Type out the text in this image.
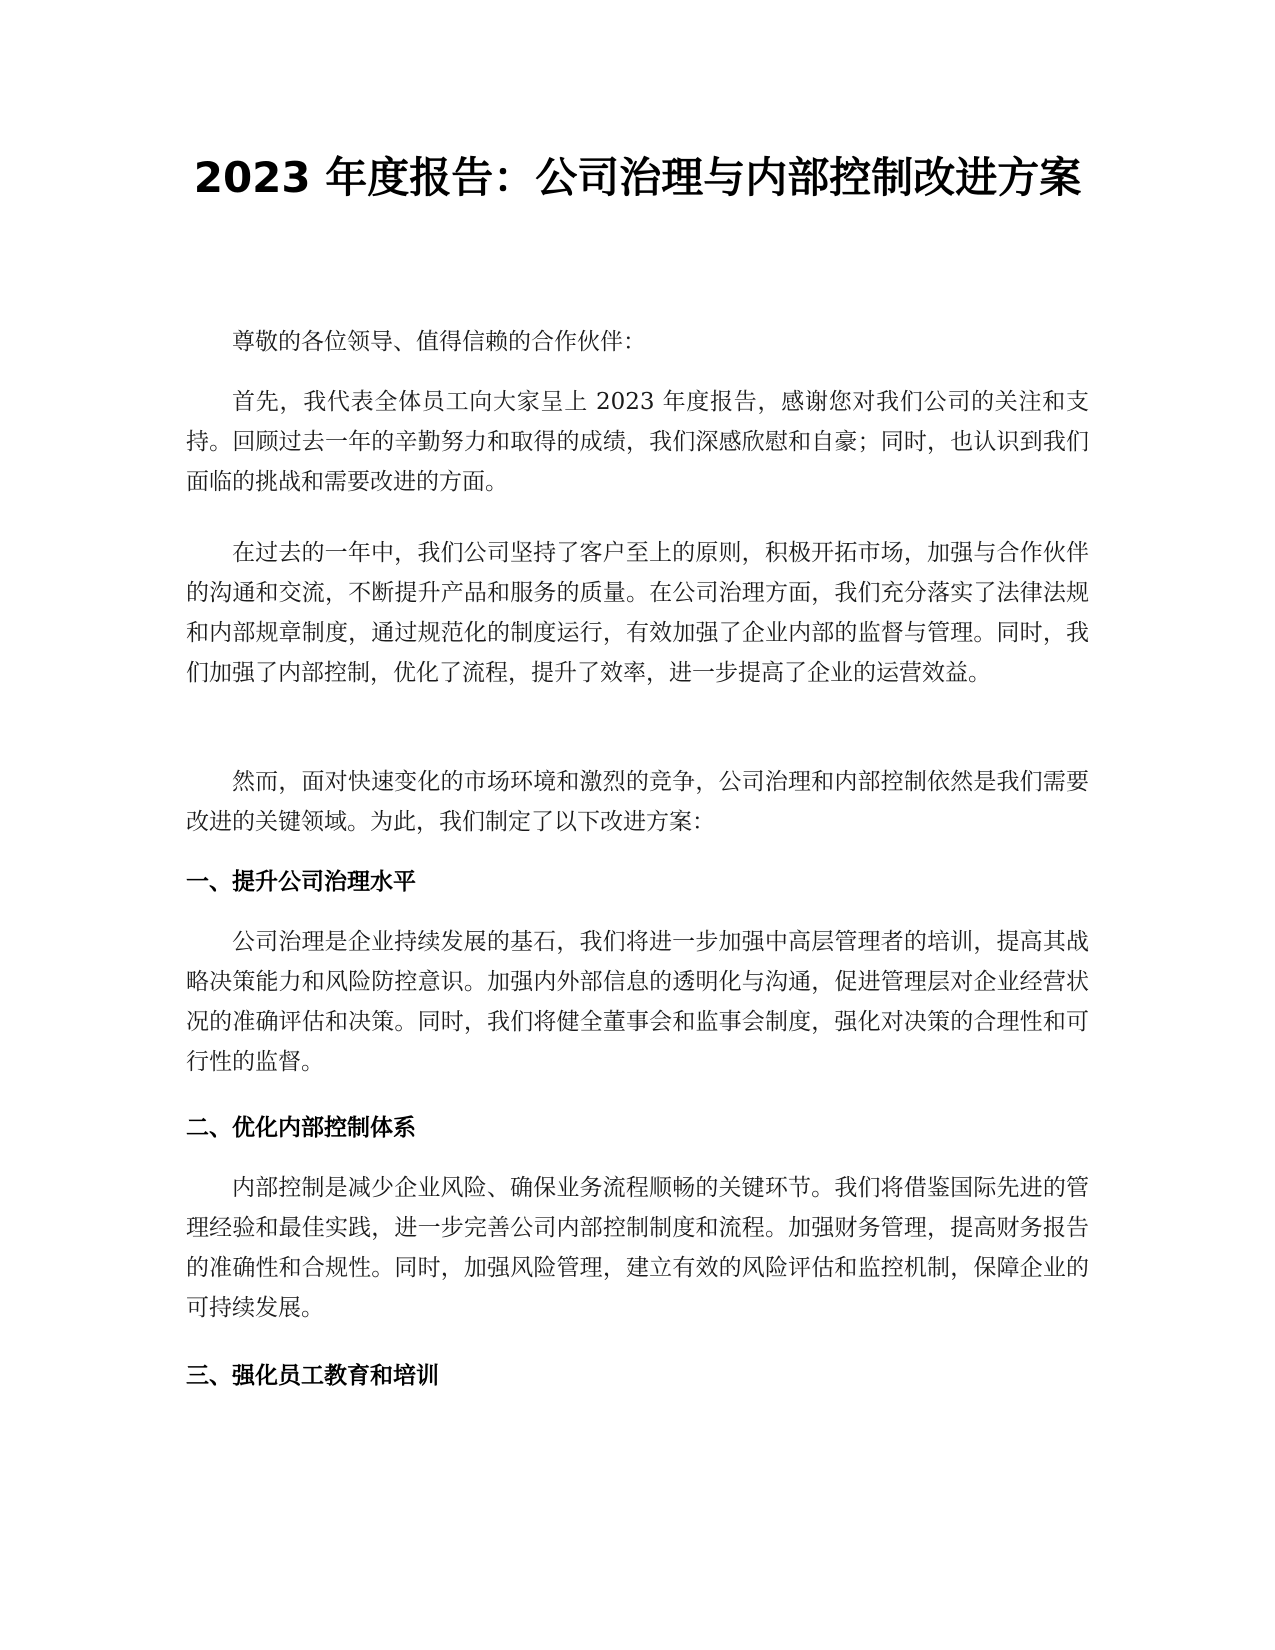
2023 年度报告：公司治理与内部控制改进方案

尊敬的各位领导、值得信赖的合作伙伴：

首先，我代表全体员工向大家呈上 2023 年度报告，感谢您对我们公司的关注和支持。回顾过去一年的辛勤努力和取得的成绩，我们深感欣慰和自豪；同时，也认识到我们面临的挑战和需要改进的方面。

在过去的一年中，我们公司坚持了客户至上的原则，积极开拓市场，加强与合作伙伴的沟通和交流，不断提升产品和服务的质量。在公司治理方面，我们充分落实了法律法规和内部规章制度，通过规范化的制度运行，有效加强了企业内部的监督与管理。同时，我们加强了内部控制，优化了流程，提升了效率，进一步提高了企业的运营效益。

然而，面对快速变化的市场环境和激烈的竞争，公司治理和内部控制依然是我们需要改进的关键领域。为此，我们制定了以下改进方案：

一、提升公司治理水平

公司治理是企业持续发展的基石，我们将进一步加强中高层管理者的培训，提高其战略决策能力和风险防控意识。加强内外部信息的透明化与沟通，促进管理层对企业经营状况的准确评估和决策。同时，我们将健全董事会和监事会制度，强化对决策的合理性和可行性的监督。

二、优化内部控制体系

内部控制是减少企业风险、确保业务流程顺畅的关键环节。我们将借鉴国际先进的管理经验和最佳实践，进一步完善公司内部控制制度和流程。加强财务管理，提高财务报告的准确性和合规性。同时，加强风险管理，建立有效的风险评估和监控机制，保障企业的可持续发展。

三、强化员工教育和培训
